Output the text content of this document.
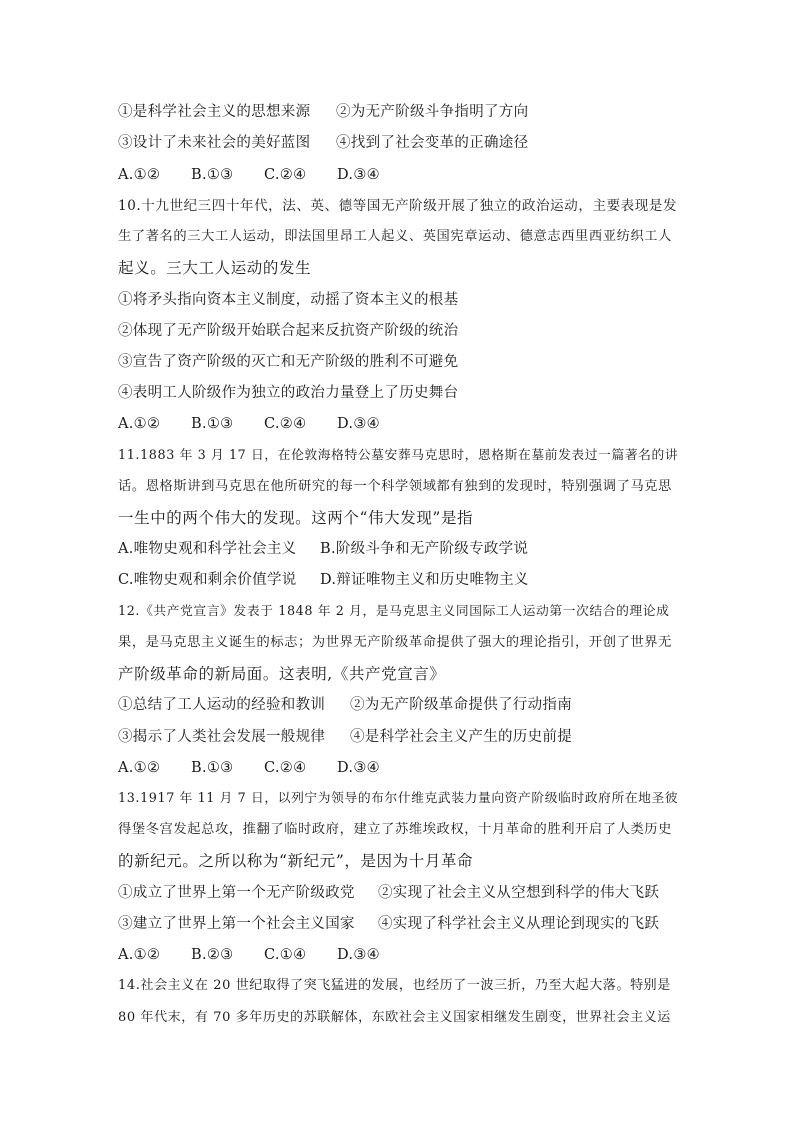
①是科学社会主义的思想来源	②为无产阶级斗争指明了方向
③设计了未来社会的美好蓝图	④找到了社会变革的正确途径
A.①② B.①③ C.②④ D.③④
10.十九世纪三四十年代，法、英、德等国无产阶级开展了独立的政治运动，主要表现是发
生了著名的三大工人运动，即法国里昂工人起义、英国宪章运动、德意志西里西亚纺织工人
起义。三大工人运动的发生
①将矛头指向资本主义制度，动摇了资本主义的根基
②体现了无产阶级开始联合起来反抗资产阶级的统治
③宣告了资产阶级的灭亡和无产阶级的胜利不可避免
④表明工人阶级作为独立的政治力量登上了历史舞台
A.①② B.①③ C.②④ D.③④
11.1883 年 3 月 17 日，在伦敦海格特公墓安葬马克思时，恩格斯在墓前发表过一篇著名的讲
话。恩格斯讲到马克思在他所研究的每一个科学领域都有独到的发现时，特别强调了马克思
一生中的两个伟大的发现。这两个“伟大发现”是指
A.唯物史观和科学社会主义	B.阶级斗争和无产阶级专政学说
C.唯物史观和剩余价值学说	D.辩证唯物主义和历史唯物主义
12.《共产党宣言》发表于 1848 年 2 月，是马克思主义同国际工人运动第一次结合的理论成
果，是马克思主义诞生的标志；为世界无产阶级革命提供了强大的理论指引，开创了世界无
产阶级革命的新局面。这表明,《共产党宣言》
①总结了工人运动的经验和教训	②为无产阶级革命提供了行动指南
③揭示了人类社会发展一般规律	④是科学社会主义产生的历史前提
A.①② B.①③ C.②④ D.③④
13.1917 年 11 月 7 日，以列宁为领导的布尔什维克武装力量向资产阶级临时政府所在地圣彼
得堡冬宫发起总攻，推翻了临时政府，建立了苏维埃政权，十月革命的胜利开启了人类历史
的新纪元。之所以称为“新纪元”，是因为十月革命
①成立了世界上第一个无产阶级政党	②实现了社会主义从空想到科学的伟大飞跃
③建立了世界上第一个社会主义国家	④实现了科学社会主义从理论到现实的飞跃
A.①② B.②③ C.①④ D.③④
14.社会主义在 20 世纪取得了突飞猛进的发展，也经历了一波三折，乃至大起大落。特别是
80 年代末，有 70 多年历史的苏联解体，东欧社会主义国家相继发生剧变，世界社会主义运
